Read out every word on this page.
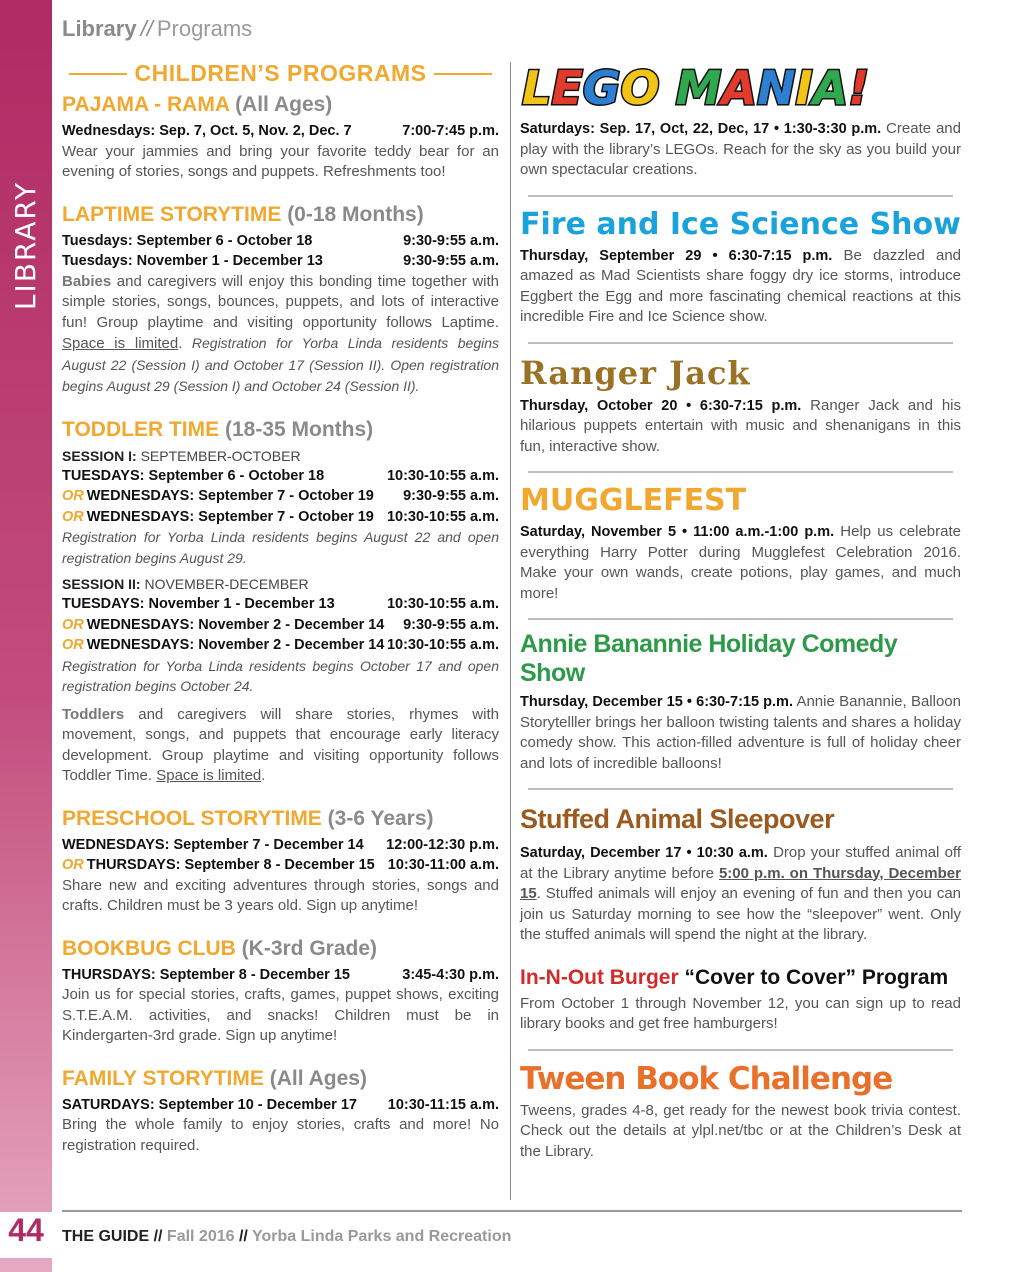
LIBRARY
44
Library // Programs
CHILDREN’S PROGRAMS
PAJAMA - RAMA (All Ages)
Wednesdays: Sep. 7, Oct. 5, Nov. 2, Dec. 7	7:00-7:45 p.m.
Wear your jammies and bring your favorite teddy bear for an evening of stories, songs and puppets. Refreshments too!
LAPTIME STORYTIME (0-18 Months)
Tuesdays: September 6 - October 18	9:30-9:55 a.m.
Tuesdays: November 1 - December 13	9:30-9:55 a.m.
Babies and caregivers will enjoy this bonding time together with simple stories, songs, bounces, puppets, and lots of interactive fun! Group playtime and visiting opportunity follows Laptime. Space is limited. Registration for Yorba Linda residents begins August 22 (Session I) and October 17 (Session II). Open registration begins August 29 (Session I) and October 24 (Session II).
TODDLER TIME (18-35 Months)
SESSION I: SEPTEMBER-OCTOBER
TUESDAYS: September 6 - October 18	10:30-10:55 a.m.
OR WEDNESDAYS: September 7 - October 19 9:30-9:55 a.m.
OR WEDNESDAYS: September 7 - October 19 10:30-10:55 a.m.
Registration for Yorba Linda residents begins August 22 and open registration begins August 29.
SESSION II: NOVEMBER-DECEMBER
TUESDAYS: November 1 - December 13	10:30-10:55 a.m.
OR WEDNESDAYS: November 2 - December 14 9:30-9:55 a.m.
OR WEDNESDAYS: November 2 - December 14 10:30-10:55 a.m.
Registration for Yorba Linda residents begins October 17 and open registration begins October 24.
Toddlers and caregivers will share stories, rhymes with movement, songs, and puppets that encourage early literacy development. Group playtime and visiting opportunity follows Toddler Time. Space is limited.
PRESCHOOL STORYTIME (3-6 Years)
WEDNESDAYS: September 7 - December 14 12:00-12:30 p.m.
OR THURSDAYS: September 8 - December 15 10:30-11:00 a.m.
Share new and exciting adventures through stories, songs and crafts. Children must be 3 years old. Sign up anytime!
BOOKBUG CLUB (K-3rd Grade)
THURSDAYS: September 8 - December 15	3:45-4:30 p.m.
Join us for special stories, crafts, games, puppet shows, exciting S.T.E.A.M. activities, and snacks! Children must be in Kindergarten-3rd grade. Sign up anytime!
FAMILY STORYTIME (All Ages)
SATURDAYS: September 10 - December 17 10:30-11:15 a.m.
Bring the whole family to enjoy stories, crafts and more! No registration required.
LEGO MANIA!
Saturdays: Sep. 17, Oct, 22, Dec, 17 • 1:30-3:30 p.m. Create and play with the library’s LEGOs. Reach for the sky as you build your own spectacular creations.
Fire and Ice Science Show
Thursday, September 29 • 6:30-7:15 p.m. Be dazzled and amazed as Mad Scientists share foggy dry ice storms, introduce Eggbert the Egg and more fascinating chemical reactions at this incredible Fire and Ice Science show.
Ranger Jack
Thursday, October 20 • 6:30-7:15 p.m. Ranger Jack and his hilarious puppets entertain with music and shenanigans in this fun, interactive show.
MUGGLEFEST
Saturday, November 5 • 11:00 a.m.-1:00 p.m. Help us celebrate everything Harry Potter during Mugglefest Celebration 2016. Make your own wands, create potions, play games, and much more!
Annie Banannie Holiday Comedy Show
Thursday, December 15 • 6:30-7:15 p.m. Annie Banannie, Balloon Storytelller brings her balloon twisting talents and shares a holiday comedy show. This action-filled adventure is full of holiday cheer and lots of incredible balloons!
Stuffed Animal Sleepover
Saturday, December 17 • 10:30 a.m. Drop your stuffed animal off at the Library anytime before 5:00 p.m. on Thursday, December 15. Stuffed animals will enjoy an evening of fun and then you can join us Saturday morning to see how the “sleepover” went. Only the stuffed animals will spend the night at the library.
In-N-Out Burger “Cover to Cover” Program
From October 1 through November 12, you can sign up to read library books and get free hamburgers!
Tween Book Challenge
Tweens, grades 4-8, get ready for the newest book trivia contest. Check out the details at ylpl.net/tbc or at the Children’s Desk at the Library.
THE GUIDE // Fall 2016 // Yorba Linda Parks and Recreation
